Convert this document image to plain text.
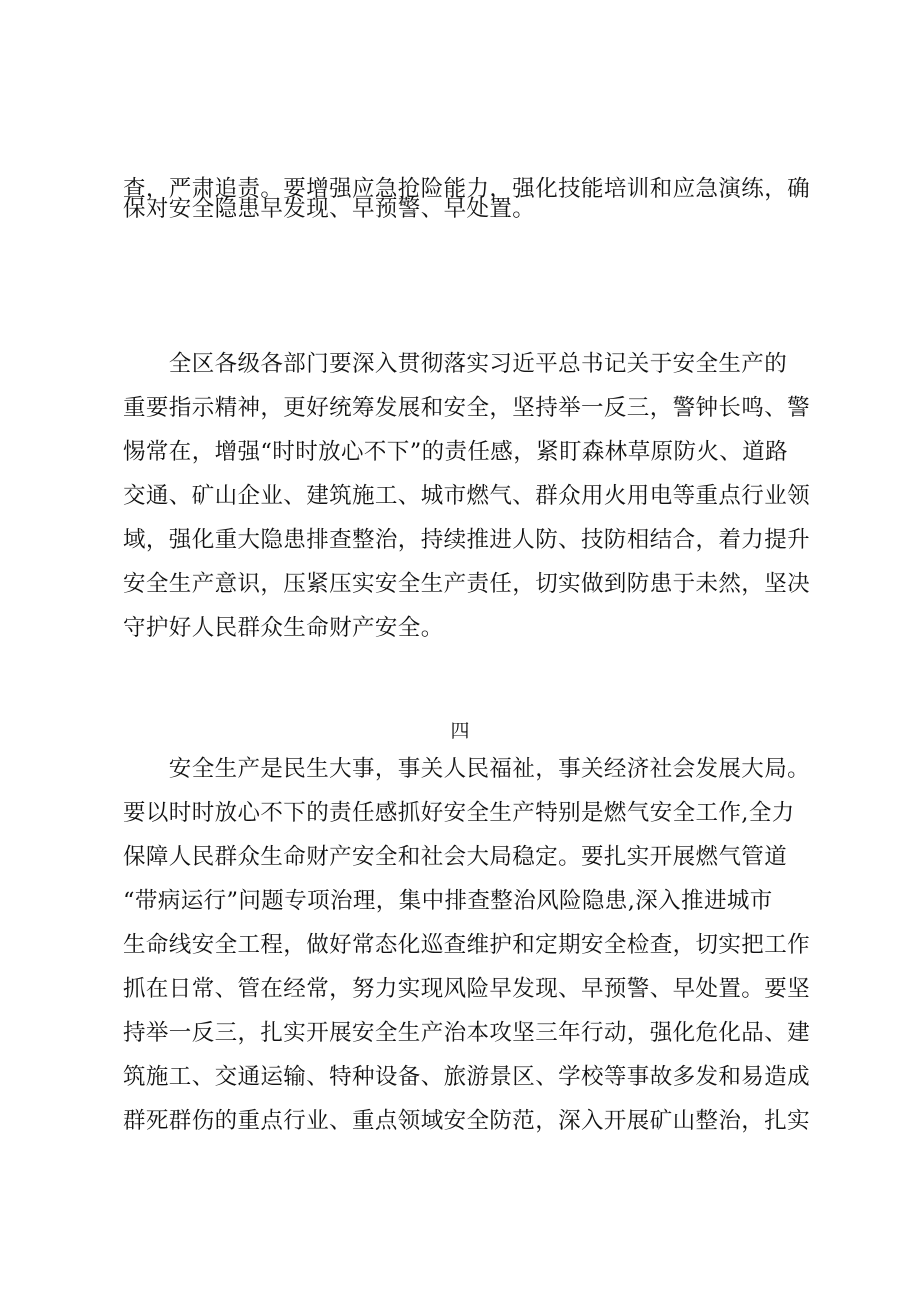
查，严肃追责。要增强应急抢险能力，强化技能培训和应急演练，确
保对安全隐患早发现、早预警、早处置。
　　全区各级各部门要深入贯彻落实习近平总书记关于安全生产的
重要指示精神，更好统筹发展和安全，坚持举一反三，警钟长鸣、警
惕常在，增强“时时放心不下”的责任感，紧盯森林草原防火、道路
交通、矿山企业、建筑施工、城市燃气、群众用火用电等重点行业领
域，强化重大隐患排查整治，持续推进人防、技防相结合，着力提升
安全生产意识，压紧压实安全生产责任，切实做到防患于未然，坚决
守护好人民群众生命财产安全。
四
　　安全生产是民生大事，事关人民福祉，事关经济社会发展大局。
要以时时放心不下的责任感抓好安全生产特别是燃气安全工作,全力
保障人民群众生命财产安全和社会大局稳定。要扎实开展燃气管道
“带病运行”问题专项治理，集中排查整治风险隐患,深入推进城市
生命线安全工程，做好常态化巡查维护和定期安全检查，切实把工作
抓在日常、管在经常，努力实现风险早发现、早预警、早处置。要坚
持举一反三，扎实开展安全生产治本攻坚三年行动，强化危化品、建
筑施工、交通运输、特种设备、旅游景区、学校等事故多发和易造成
群死群伤的重点行业、重点领域安全防范，深入开展矿山整治，扎实
